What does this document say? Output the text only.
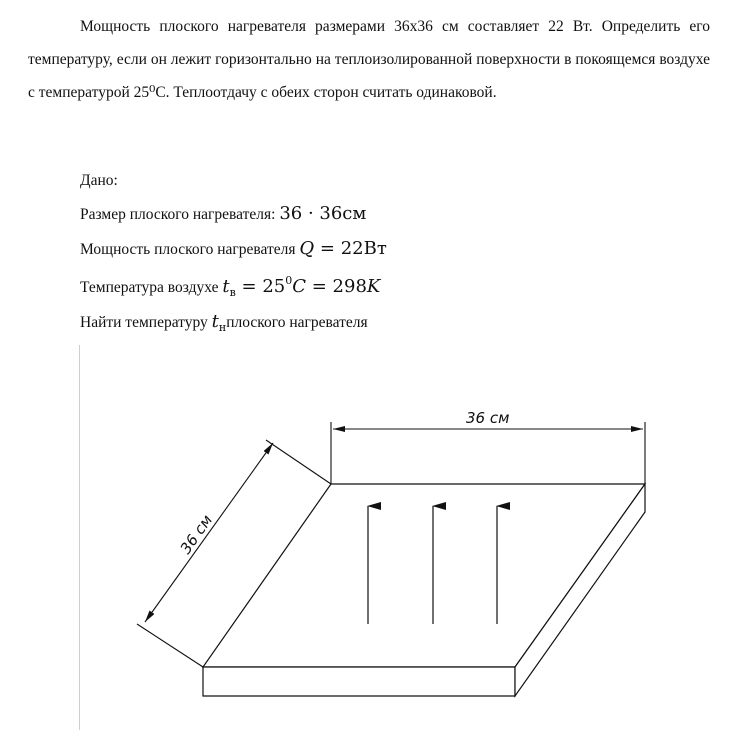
Мощность плоского нагревателя размерами 36х36 см составляет 22 Вт. Определить его температуру, если он лежит горизонтально на теплоизолированной поверхности в покоящемся воздухе с температурой 25⁰С. Теплоотдачу с обеих сторон считать одинаковой.

Дано:
Размер плоского нагревателя: 36 · 36см
Мощность плоского нагревателя Q = 22Вт
Температура воздухе $t_в = 25^0C = 298K$
Найти температуру $t_нплоского$ нагревателя
36 см
36 см
